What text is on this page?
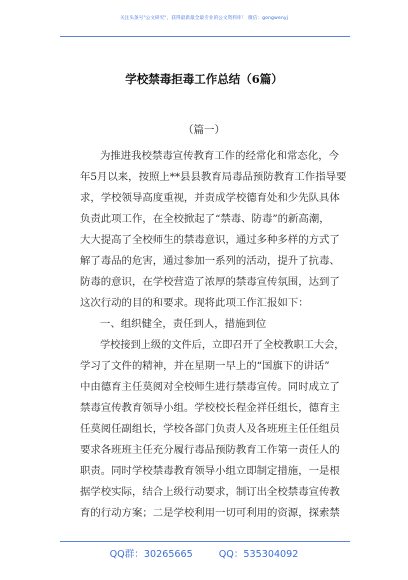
关注头条号"公文研究"，获得最新最全最专业的公文资料库！ 微信：gongwenyj
学校禁毒拒毒工作总结（6篇）
（篇一）
为推进我校禁毒宣传教育工作的经常化和常态化，今
年5月以来，按照上**县县教育局毒品预防教育工作指导要
求，学校领导高度重视，并责成学校德育处和少先队具体
负责此项工作，在全校掀起了“禁毒、防毒”的新高潮，
大大提高了全校师生的禁毒意识，通过多种多样的方式了
解了毒品的危害，通过参加一系列的活动，提升了抗毒、
防毒的意识，在学校营造了浓厚的禁毒宣传氛围，达到了
这次行动的目的和要求。现将此项工作汇报如下：
一、组织健全，责任到人，措施到位
学校接到上级的文件后，立即召开了全校教职工大会，
学习了文件的精神，并在星期一早上的“国旗下的讲话”
中由德育主任莫阅对全校师生进行禁毒宣传。同时成立了
禁毒宣传教育领导小组。学校校长程金祥任组长，德育主
任莫阅任副组长，学校各部门负责人及各班班主任任组员
要求各班班主任充分履行毒品预防教育工作第一责任人的
职责。同时学校禁毒教育领导小组立即制定措施，一是根
据学校实际，结合上级行动要求，制订出全校禁毒宣传教
育的行动方案；二是学校利用一切可利用的资源，探索禁
QQ群：30265665	QQ：535304092
